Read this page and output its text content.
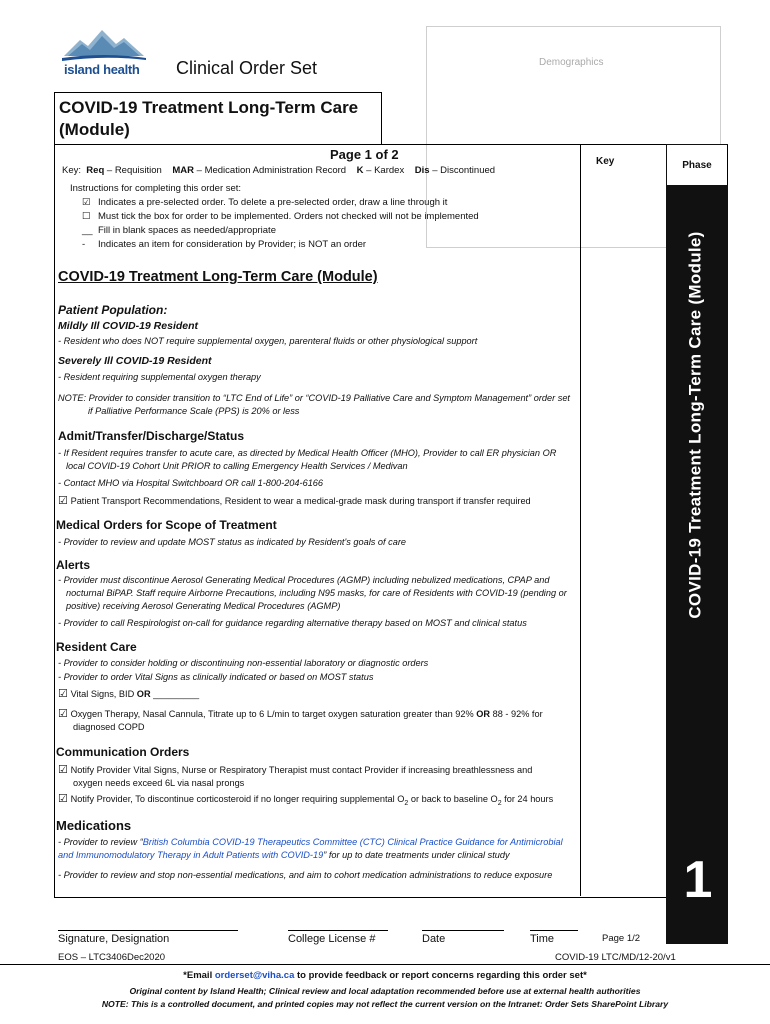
island health Clinical Order Set	Demographics
COVID-19 Treatment Long-Term Care
(Module)
Phase
Key
COVID-19 Treatment Long-Term Care (Module)
1
Page 1 of 2
Key: Req – Requisition MAR – Medication Administration Record K – Kardex Dis – Discontinued
Instructions for completing this order set:
☑ Indicates a pre-selected order. To delete a pre-selected order, draw a line through it
☐ Must tick the box for order to be implemented. Orders not checked will not be implemented
__ Fill in blank spaces as needed/appropriate
-	Indicates an item for consideration by Provider; is NOT an order
COVID-19 Treatment Long-Term Care (Module)
Patient Population:
Mildly Ill COVID-19 Resident
- Resident who does NOT require supplemental oxygen, parenteral fluids or other physiological support
Severely Ill COVID-19 Resident
- Resident requiring supplemental oxygen therapy
NOTE: Provider to consider transition to “LTC End of Life” or “COVID-19 Palliative Care and Symptom Management” order set
if Palliative Performance Scale (PPS) is 20% or less
Admit/Transfer/Discharge/Status
- If Resident requires transfer to acute care, as directed by Medical Health Officer (MHO), Provider to call ER physician OR
local COVID-19 Cohort Unit PRIOR to calling Emergency Health Services / Medivan
- Contact MHO via Hospital Switchboard OR call 1-800-204-6166
☑ Patient Transport Recommendations, Resident to wear a medical-grade mask during transport if transfer required
Medical Orders for Scope of Treatment
- Provider to review and update MOST status as indicated by Resident's goals of care
Alerts
- Provider must discontinue Aerosol Generating Medical Procedures (AGMP) including nebulized medications, CPAP and
nocturnal BiPAP. Staff require Airborne Precautions, including N95 masks, for care of Residents with COVID-19 (pending or
positive) receiving Aerosol Generating Medical Procedures (AGMP)
- Provider to call Respirologist on-call for guidance regarding alternative therapy based on MOST and clinical status
Resident Care
- Provider to consider holding or discontinuing non-essential laboratory or diagnostic orders
- Provider to order Vital Signs as clinically indicated or based on MOST status
☑ Vital Signs, BID OR _________
☑ Oxygen Therapy, Nasal Cannula, Titrate up to 6 L/min to target oxygen saturation greater than 92% OR 88 - 92% for
diagnosed COPD
Communication Orders
☑ Notify Provider Vital Signs, Nurse or Respiratory Therapist must contact Provider if increasing breathlessness and
oxygen needs exceed 6L via nasal prongs
☑ Notify Provider, To discontinue corticosteroid if no longer requiring supplemental $O_2$ or back to baseline $O_2$ for 24 hours
Medications
- Provider to review “British Columbia COVID-19 Therapeutics Committee (CTC) Clinical Practice Guidance for Antimicrobial
and Immunomodulatory Therapy in Adult Patients with COVID-19” for up to date treatments under clinical study
- Provider to review and stop non-essential medications, and aim to cohort medication administrations to reduce exposure
Signature, Designation	College License #	Date	Time	Page 1/2
EOS – LTC3406Dec2020	COVID-19 LTC/MD/12-20/v1
*Email orderset@viha.ca to provide feedback or report concerns regarding this order set*
Original content by Island Health; Clinical review and local adaptation recommended before use at external health authorities
NOTE: This is a controlled document, and printed copies may not reflect the current version on the Intranet: Order Sets SharePoint Library
